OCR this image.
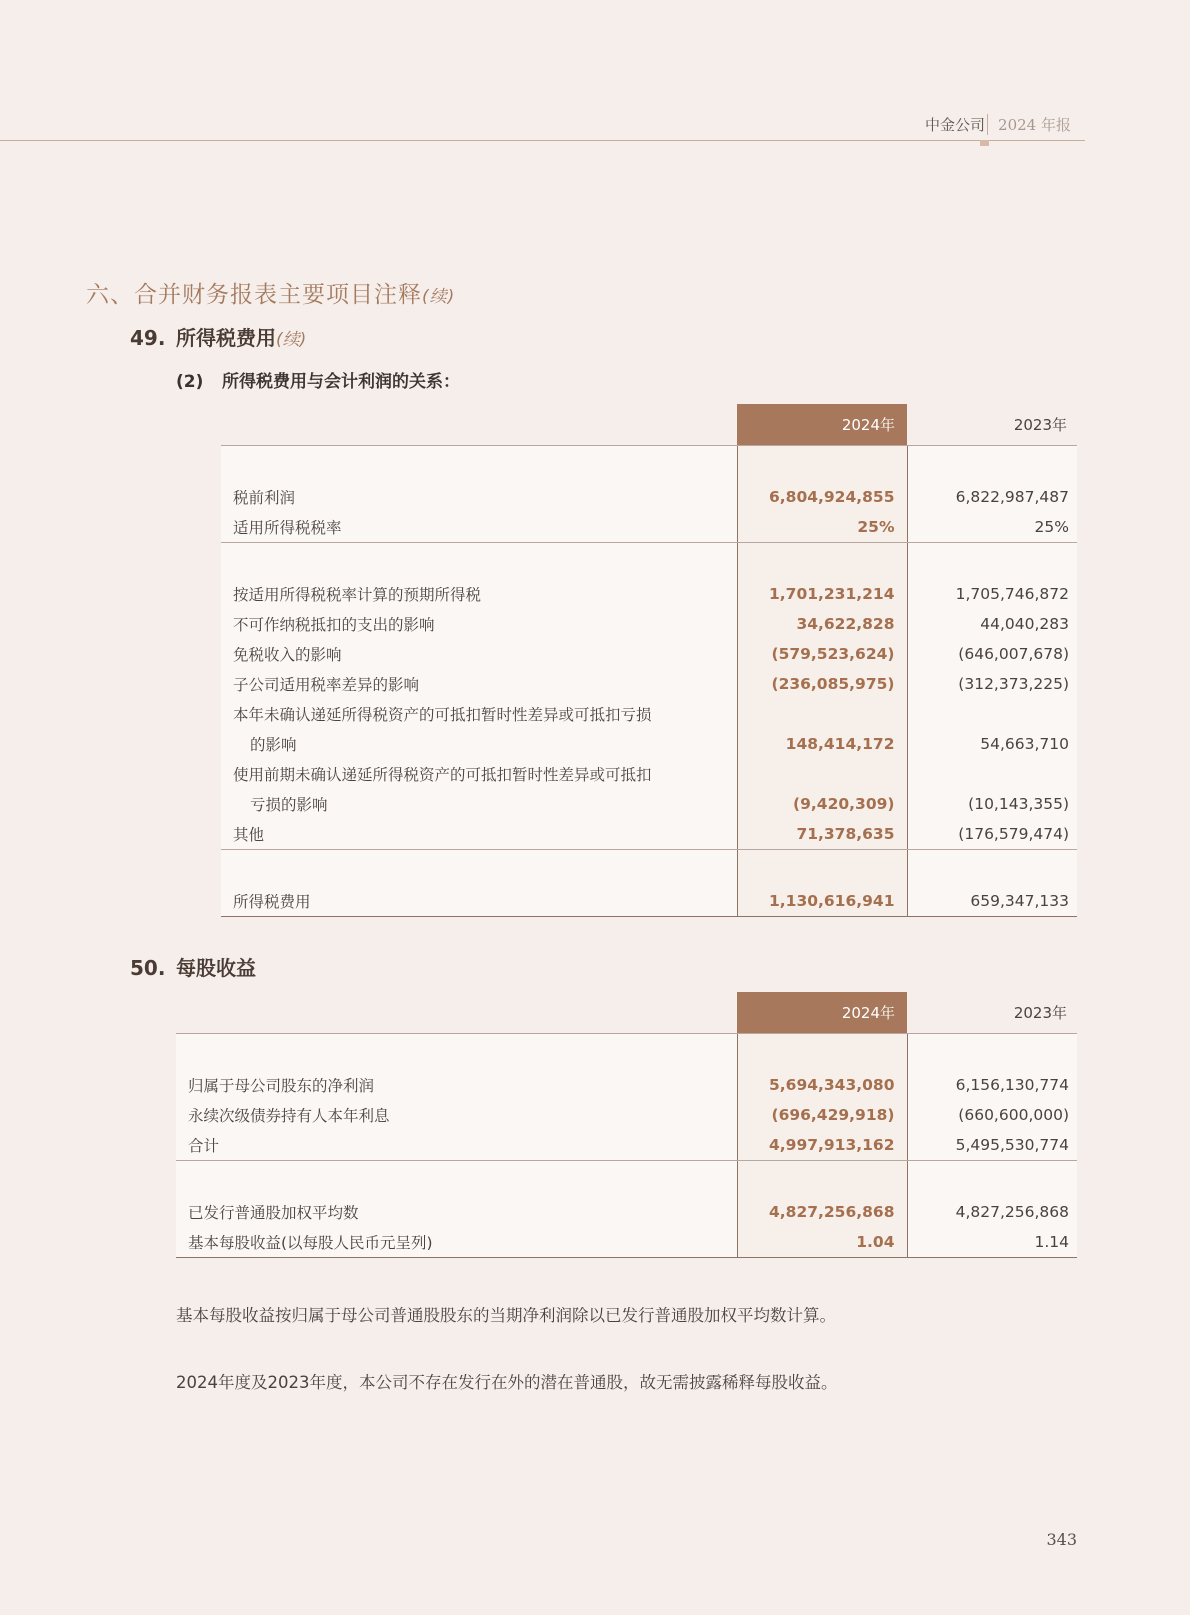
中金公司 2024 年报
六、合并财务报表主要项目注释(续)
49. 所得税费用(续)
(2) 所得税费用与会计利润的关系：
	2024年	2023年

税前利润	6,804,924,855	6,822,987,487
适用所得税税率	25%	25%

按适用所得税税率计算的预期所得税	1,701,231,214	1,705,746,872
不可作纳税抵扣的支出的影响	34,622,828	44,040,283
免税收入的影响	(579,523,624)	(646,007,678)
子公司适用税率差异的影响	(236,085,975)	(312,373,225)
本年未确认递延所得税资产的可抵扣暂时性差异或可抵扣亏损		
的影响	148,414,172	54,663,710
使用前期未确认递延所得税资产的可抵扣暂时性差异或可抵扣		
亏损的影响	(9,420,309)	(10,143,355)
其他	71,378,635	(176,579,474)

所得税费用	1,130,616,941	659,347,133
50. 每股收益
	2024年	2023年

归属于母公司股东的净利润	5,694,343,080	6,156,130,774
永续次级债券持有人本年利息	(696,429,918)	(660,600,000)
合计	4,997,913,162	5,495,530,774

已发行普通股加权平均数	4,827,256,868	4,827,256,868
基本每股收益(以每股人民币元呈列)	1.04	1.14
基本每股收益按归属于母公司普通股股东的当期净利润除以已发行普通股加权平均数计算。
2024年度及2023年度，本公司不存在发行在外的潜在普通股，故无需披露稀释每股收益。
343
